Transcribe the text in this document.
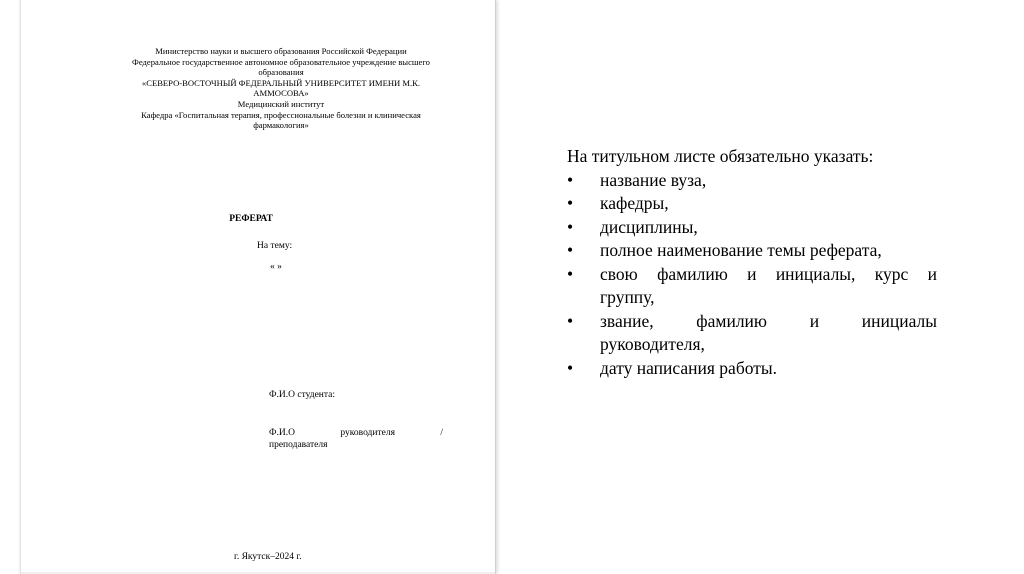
Министерство науки и высшего образования Российской Федерации
Федеральное государственное автономное образовательное учреждение высшего
образования
«СЕВЕРО-ВОСТОЧНЫЙ ФЕДЕРАЛЬНЫЙ УНИВЕРСИТЕТ ИМЕНИ М.К.
АММОСОВА»
Медицинский институт
Кафедра «Госпитальная терапия, профессиональные болезни и клиническая
фармакология»
РЕФЕРАТ
На тему:
« »
Ф.И.О студента:
Ф.И.О	руководителя	/
преподавателя
г. Якутск–2024 г.
На титульном листе обязательно указать:
• название вуза,
• кафедры,
• дисциплины,
• полное наименование темы реферата,
• свою фамилию и инициалы, курс и
группу,
• звание, фамилию и инициалы
руководителя,
• дату написания работы.
